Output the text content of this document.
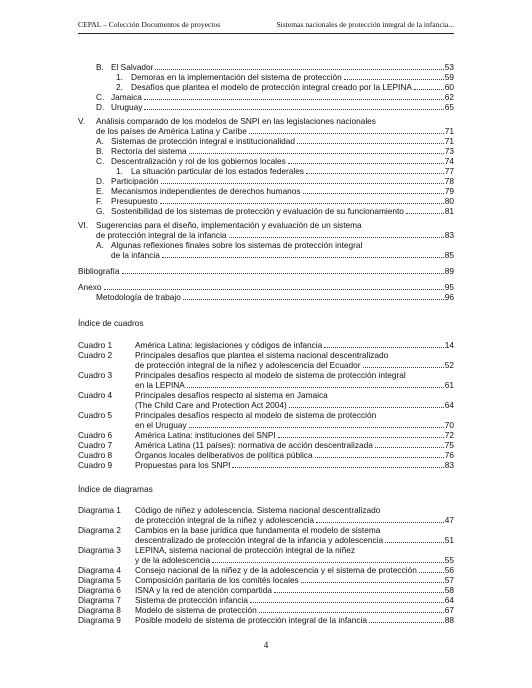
CEPAL – Colección Documentos de proyectos	Sistemas nacionales de protección integral de la infancia...
B. El Salvador	53
1. Demoras en la implementación del sistema de protección	59
2. Desafíos que plantea el modelo de protección integral creado por la LEPINA	60
C. Jamaica	62
D. Uruguay	65
V. Análisis comparado de los modelos de SNPI en las legislaciones nacionales
de los países de América Latina y Caribe	71
A. Sistemas de protección integral e institucionalidad	71
B. Rectoría del sistema	73
C. Descentralización y rol de los gobiernos locales	74
1. La situación particular de los estados federales	77
D. Participación	78
E. Mecanismos independientes de derechos humanos	79
F. Presupuesto	80
G. Sostenibilidad de los sistemas de protección y evaluación de su funcionamiento	81
VI. Sugerencias para el diseño, implementación y evaluación de un sistema
de protección integral de la infancia	83
A. Algunas reflexiones finales sobre los sistemas de protección integral
de la infancia	85
Bibliografía	89
Anexo	95
Metodología de trabajo	96
Índice de cuadros
Cuadro 1	América Latina: legislaciones y códigos de infancia	14
Cuadro 2	Principales desafíos que plantea el sistema nacional descentralizado
de protección integral de la niñez y adolescencia del Ecuador	52
Cuadro 3	Principales desafíos respecto al modelo de sistema de protección integral
en la LEPINA	61
Cuadro 4	Principales desafíos respecto al sistema en Jamaica
(The Child Care and Protection Act 2004)	64
Cuadro 5	Principales desafíos respecto al modelo de sistema de protección
en el Uruguay	70
Cuadro 6	América Latina: instituciones del SNPI	72
Cuadro 7	América Latina (11 países): normativa de acción descentralizada	75
Cuadro 8	Órganos locales deliberativos de política pública	76
Cuadro 9	Propuestas para los SNPI	83
Índice de diagramas
Diagrama 1 Código de niñez y adolescencia. Sistema nacional descentralizado
de protección integral de la niñez y adolescencia	47
Diagrama 2 Cambios en la base jurídica que fundamenta el modelo de sistema
descentralizado de protección integral de la infancia y adolescencia	51
Diagrama 3 LEPINA, sistema nacional de protección integral de la niñez
y de la adolescencia	55
Diagrama 4 Consejo nacional de la niñez y de la adolescencia y el sistema de protección	56
Diagrama 5 Composición paritaria de los comités locales	57
Diagrama 6 ISNA y la red de atención compartida	58
Diagrama 7 Sistema de protección infancia	64
Diagrama 8 Modelo de sistema de protección	67
Diagrama 9 Posible modelo de sistema de protección integral de la infancia	88
4
